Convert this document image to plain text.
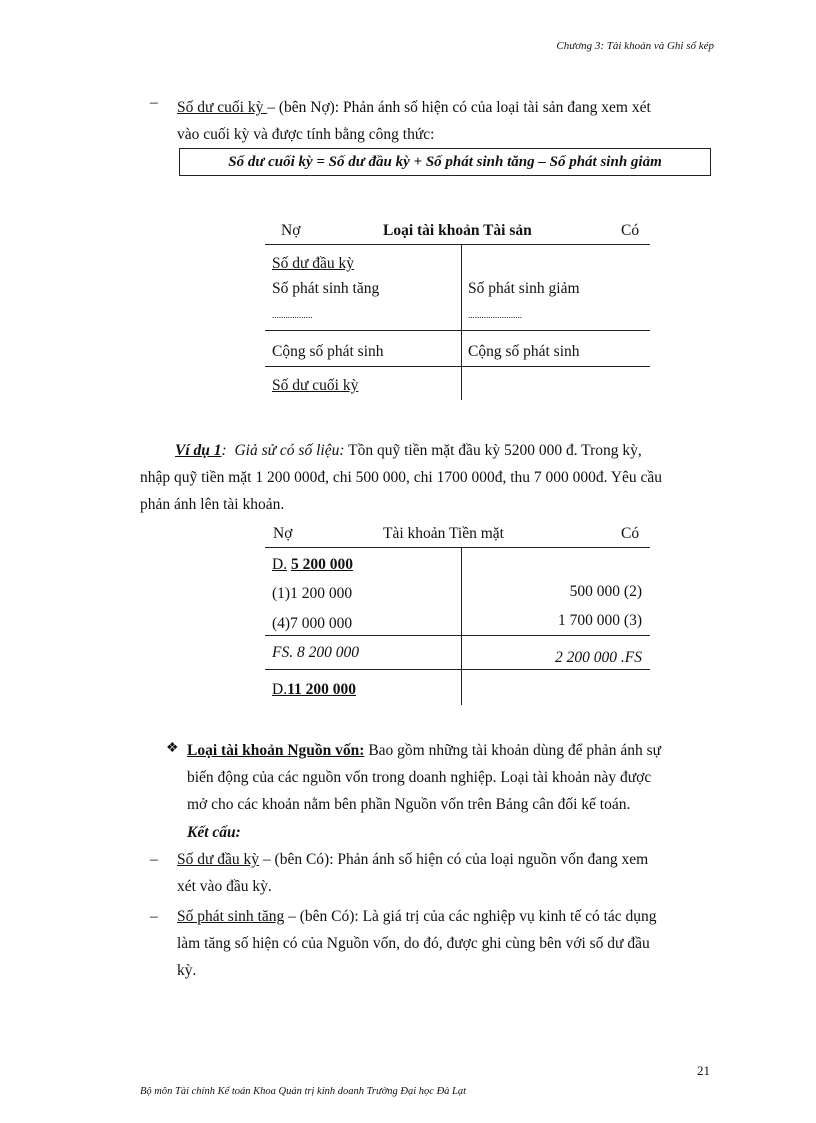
Chương 3: Tài khoản và Ghi sổ kép
– Số dư cuối kỳ – (bên Nợ): Phản ánh số hiện có của loại tài sản đang xem xét
vào cuối kỳ và được tính bằng công thức:
Số dư cuối kỳ = Số dư đầu kỳ + Số phát sinh tăng – Số phát sinh giảm
Nợ	Loại tài khoản Tài sản	Có
Số dư đầu kỳ
Số phát sinh tăng	Số phát sinh giảm
..................	........................
Cộng số phát sinh	Cộng số phát sinh
Số dư cuối kỳ
Ví dụ 1: Giả sử có số liệu: Tồn quỹ tiền mặt đầu kỳ 5200 000 đ. Trong kỳ,
nhập quỹ tiền mặt 1 200 000đ, chi 500 000, chi 1700 000đ, thu 7 000 000đ. Yêu cầu
phản ánh lên tài khoản.
Nợ	Tài khoản Tiền mặt	Có
D. 5 200 000
(1)1 200 000	500 000 (2)
(4)7 000 000	1 700 000 (3)
FS. 8 200 000	2 200 000 .FS
D.11 200 000
❖ Loại tài khoản Nguồn vốn: Bao gồm những tài khoản dùng để phản ánh sự
biến động của các nguồn vốn trong doanh nghiệp. Loại tài khoản này được
mở cho các khoản nằm bên phần Nguồn vốn trên Bảng cân đối kế toán.
Kết cấu:
– Số dư đầu kỳ – (bên Có): Phản ánh số hiện có của loại nguồn vốn đang xem
xét vào đầu kỳ.
– Số phát sinh tăng – (bên Có): Là giá trị của các nghiệp vụ kinh tế có tác dụng
làm tăng số hiện có của Nguồn vốn, do đó, được ghi cùng bên với số dư đầu
kỳ.
21
Bộ môn Tài chính Kế toán Khoa Quản trị kinh doanh Trường Đại học Đà Lạt
